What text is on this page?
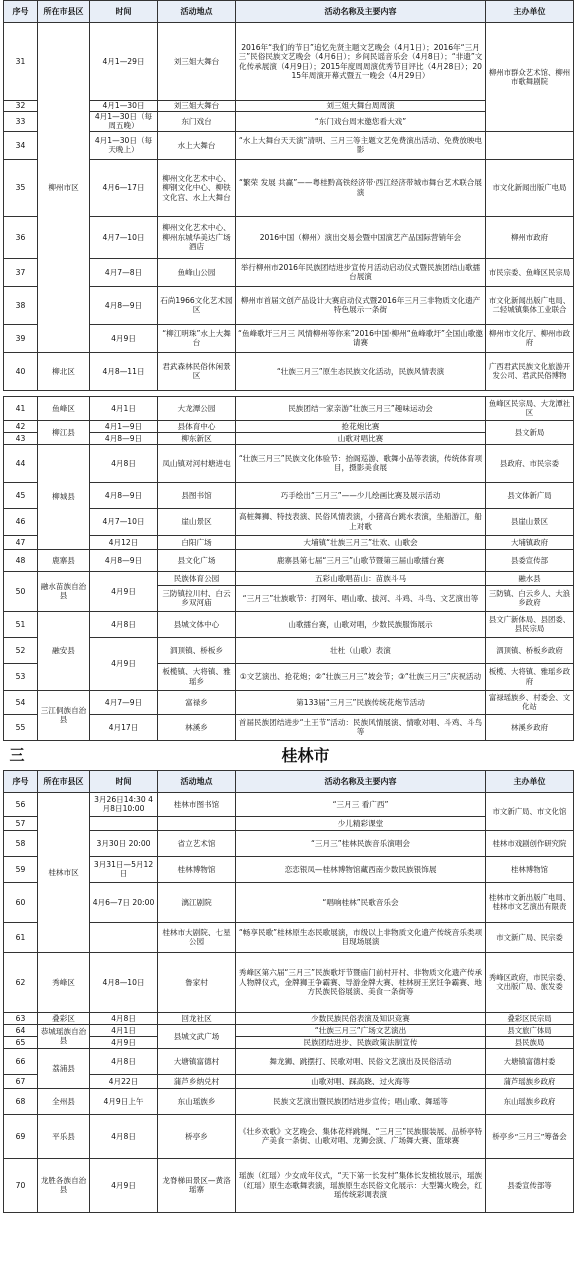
序号	所在市县区	时间	活动地点	活动名称及主要内容	主办单位
31	柳州市区	4月1—29日	刘三姐大舞台	2016年“我们的节日”追忆先贤主题文艺晚会（4月1日）；2016年“三月三”民俗民族文艺晚会（4月6日）；乡间民谣音乐会（4月8日）；“非遗”文化传承展演（4月9日）；2015年度周周演优秀节目评比（4月28日）；2015年周演开幕式暨五一晚会（4月29日）	柳州市群众艺术馆、柳州市歌舞剧院
32		4月1—30日	刘三姐大舞台	刘三姐大舞台周周演	
33		4月1—30日（每周五晚）	东门戏台	“东门戏台周末邀您看大戏”	
34		4月1—30日（每天晚上）	水上大舞台	“水上大舞台天天演”清明、三月三等主题文艺免费演出活动、免费放映电影	
35		4月6—17日	柳州文化艺术中心、柳钢文化中心、柳铁文化宫、水上大舞台	“繁荣 发展 共赢”——粤桂黔高铁经济带·西江经济带城市舞台艺术联合展演	市文化新闻出版广电局
36		4月7—10日	柳州文化艺术中心、柳州东城华美达广场酒店	2016中国（柳州）演出交易会暨中国演艺产品国际营销年会	柳州市政府
37		4月7—8日	鱼峰山公园	举行柳州市2016年民族团结进步宣传月活动启动仪式暨民族团结山歌擂台展演	市民宗委、鱼峰区民宗局
38		4月8—9日	石尚1966文化艺术园区	柳州市首届文创产品设计大赛启动仪式暨2016年三月三非物质文化遗产特色展示一条街	市文化新闻出版广电局、二轻城镇集体工业联合
39		4月9日	“柳江明珠”水上大舞台	“鱼峰歌圩三月三 风情柳州等你来”2016中国·柳州“鱼峰歌圩”全国山歌邀请赛	柳州市文化厅、柳州市政府
40	柳北区	4月8—11日	君武森林民俗休闲景区	“壮族三月三”原生态民族文化活动，民族风情表演	广西君武民族文化旅游开发公司、君武民俗博物

41	鱼峰区	4月1日	大龙潭公园	民族团结一家亲游“壮族三月三”趣味运动会	鱼峰区民宗局、大龙潭社区
42	柳江县	4月1—9日	县体育中心	抢花炮比赛	县文新局
43		4月8—9日	柳东新区	山歌对唱比赛	
44	柳城县	4月8日	凤山镇对河村塘进屯	“壮族三月三”民族文化体验节：抬阁巡游、歌舞小品等表演，传统体育项目，摄影美食展	县政府、市民宗委
45		4月8—9日	县图书馆	巧手绘出“三月三”——少儿绘画比赛及展示活动	县文体新广局
46		4月7—10日	崖山景区	高桩舞狮、特技表演、民俗风情表演，小猪高台跳水表演，坐船游江，船上对歌	县崖山景区
47		4月12日	白阳广场	大埔镇“壮族三月三”壮欢、山歌会	大埔镇政府
48	鹿寨县	4月8—9日	县文化广场	鹿寨县第七届“三月三”山歌节暨第三届山歌擂台赛	县委宣传部
50	融水苗族自治县	4月9日	民族体育公园	五彩山歌唱苗山：苗族斗马	融水县
			三防镇拉川村、白云乡双河庙	“三月三”壮族歌节：打网年、唱山歌、拔河、斗鸡、斗鸟、文艺演出等	三防镇、白云乡人、大浪乡政府
51	融安县	4月8日	县城文体中心	山歌擂台赛，山歌对唱，少数民族服饰展示	县文广新体局、县团委、县民宗局
52		4月9日	泗顶镇、桥板乡	壮杜（山歌）表演	泗顶镇、桥板乡政府
53			板榄镇、大将镇、雅瑶乡	①文艺演出、抢花炮；②“壮族三月三”坡会节；③“壮族三月三”庆祝活动	板榄、大将镇、雅瑶乡政府
54	三江侗族自治县	4月7—9日	富禄乡	第133届“三月三”民族传统花炮节活动	富禄瑶族乡、村委会、文化站
55		4月17日	林溪乡	首届民族团结进步“土王节”活动：民族风情展演、情歌对唱、斗鸡、斗鸟等	林溪乡政府
三	桂林市				
序号	所在市县区	时间	活动地点	活动名称及主要内容	主办单位
56	桂林市区	3月26日14:30 4月8日10:00	桂林市图书馆	“三月三 看广西”	市文新广局、市文化馆
57				少儿精彩课堂	
58		3月30日 20:00	省立艺术馆	“三月三”桂林民族音乐演唱会	桂林市戏剧创作研究院
59		3月31日—5月12日	桂林博物馆	恋恋银凤—桂林博物馆藏西南少数民族银饰展	桂林博物馆
60		4月6—7日 20:00	漓江剧院	“唱响桂林”民歌音乐会	桂林市文新出版广电局、桂林市文艺演出有限责
61			桂林市大剧院、七星公园	“畅享民歌”桂林原生态民歌展演，市级以上非物质文化遗产传统音乐类项目现场展演	市文新广局、民宗委
62	秀峰区	4月8—10日	鲁家村	秀峰区第六届“三月三”民族歌圩节暨庙门前村开村、非物质文化遗产传承人物牌仪式，金牌狮王争霸赛、导游金牌大赛、桂林厨王烹饪争霸赛、地方民族民俗展演、美食一条街等	秀峰区政府，市民宗委、文出版广局、旅发委
63	叠彩区	4月8日	回龙社区	少数民族民俗表演及知识竞赛	叠彩区民宗局
64	恭城瑶族自治县	4月1日	县城文武广场	“壮族三月三”广场文艺演出	县文旅广体局
65		4月9日		民族团结进步、民族政策法制宣传	县民族局
66	荔浦县	4月8日	大塘镇富德村	舞龙狮、跳摆打、民歌对唱、民俗文艺演出及民俗活动	大塘镇富德村委
67		4月22日	蒲芦乡纳兑村	山歌对唱、踩高跷、过火海等	蒲芦瑶族乡政府
68	全州县	4月9日上午	东山瑶族乡	民族文艺演出暨民族团结进步宣传；唱山歌、舞瑶等	东山瑶族乡政府
69	平乐县	4月8日	桥亭乡	《壮乡欢歌》文艺晚会、集体花样跳绳、“三月三”民族服装展、品桥亭特产美食一条街、山歌对唱、龙狮会演、广场舞大赛、篮球赛	桥亭乡“三月三”筹备会
70	龙胜各族自治县	4月9日	龙脊梯田景区—黄洛瑶寨	瑶族（红瑶）少女成年仪式，“天下第一长发村”集体长发梳妆展示，瑶族（红瑶）原生态歌舞表演，瑶族原生态民俗文化展示：大型篝火晚会，红瑶传统彩调表演	县委宣传部等
